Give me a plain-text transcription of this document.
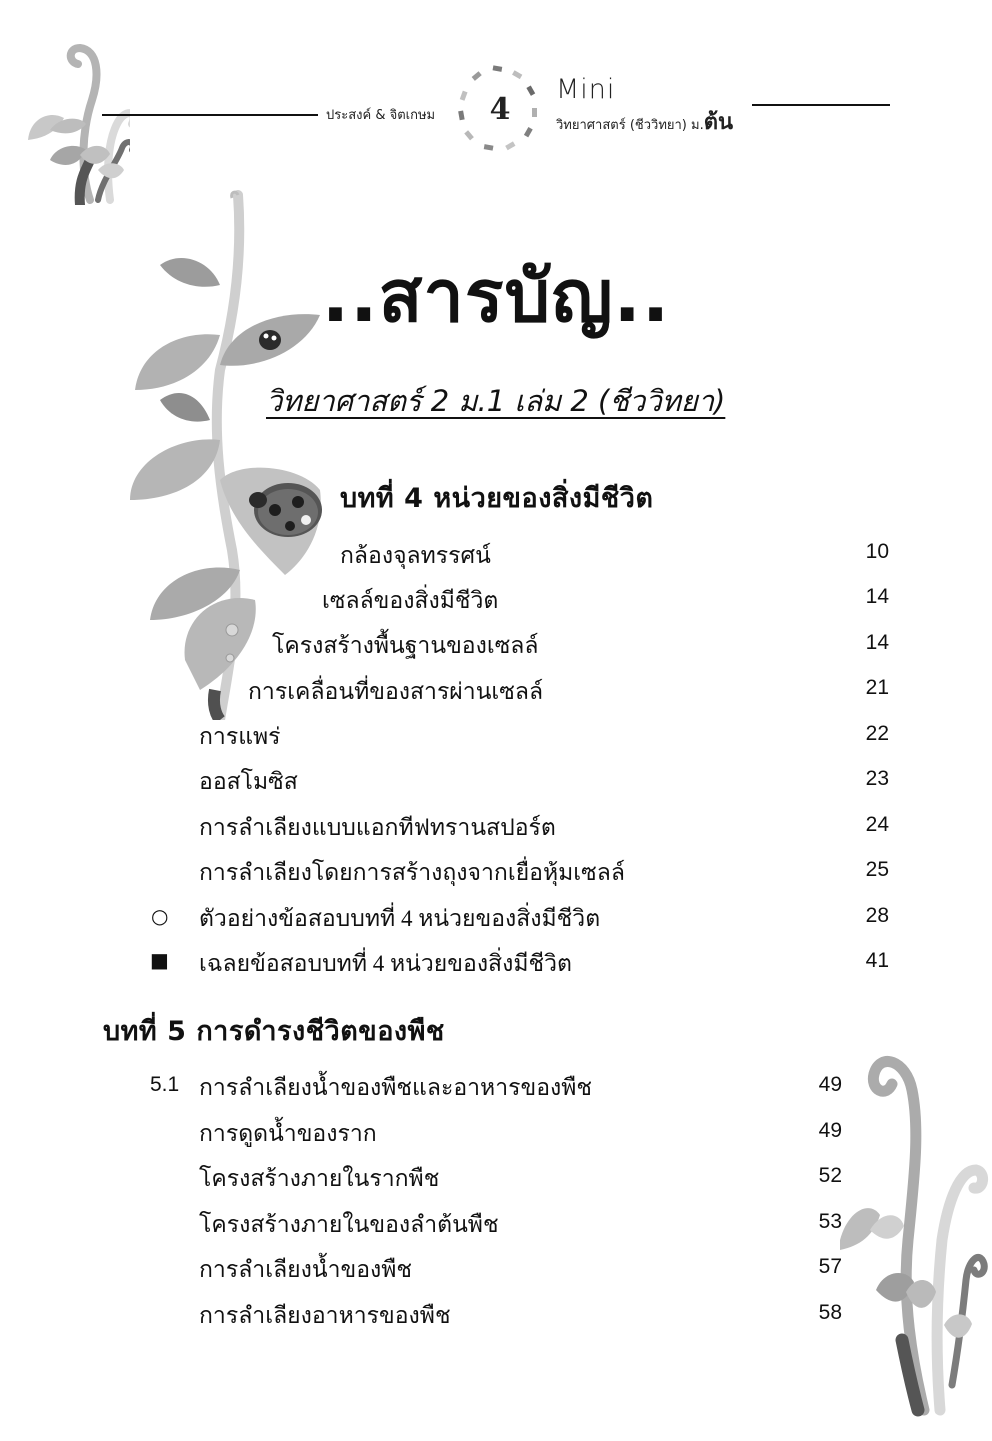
ประสงค์ & จิตเกษม 4
Mini
วิทยาศาสตร์ (ชีววิทยา) ม.ต้น
..สารบัญ..
วิทยาศาสตร์ 2 ม.1 เล่ม 2 (ชีววิทยา)
บทที่ 4 หน่วยของสิ่งมีชีวิต
กล้องจุลทรรศน์	10
เซลล์ของสิ่งมีชีวิต	14
โครงสร้างพื้นฐานของเซลล์	14
การเคลื่อนที่ของสารผ่านเซลล์	21
การแพร่	22
ออสโมซิส	23
การลำเลียงแบบแอกทีฟทรานสปอร์ต	24
การลำเลียงโดยการสร้างถุงจากเยื่อหุ้มเซลล์	25
○ ตัวอย่างข้อสอบบทที่ 4 หน่วยของสิ่งมีชีวิต	28
■ เฉลยข้อสอบบทที่ 4 หน่วยของสิ่งมีชีวิต	41
บทที่ 5 การดำรงชีวิตของพืช
5.1 การลำเลียงน้ำของพืชและอาหารของพืช	49
การดูดน้ำของราก	49
โครงสร้างภายในรากพืช	52
โครงสร้างภายในของลำต้นพืช	53
การลำเลียงน้ำของพืช	57
การลำเลียงอาหารของพืช	58
